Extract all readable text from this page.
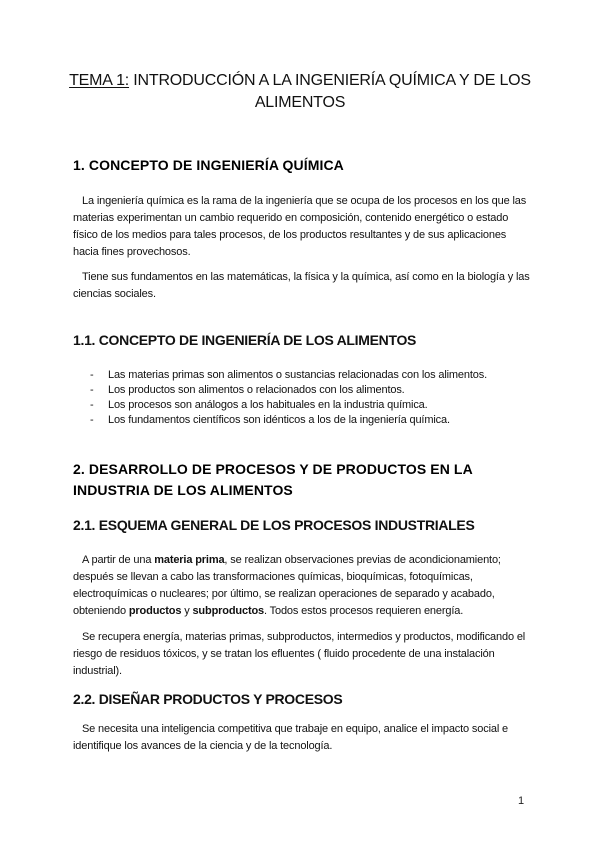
TEMA 1: INTRODUCCIÓN A LA INGENIERÍA QUÍMICA Y DE LOS ALIMENTOS
1. CONCEPTO DE INGENIERÍA QUÍMICA
La ingeniería química es la rama de la ingeniería que se ocupa de los procesos en los que las materias experimentan un cambio requerido en composición, contenido energético o estado físico de los medios para tales procesos, de los productos resultantes y de sus aplicaciones hacia fines provechosos.
Tiene sus fundamentos en las matemáticas, la física y la química, así como en la biología y las ciencias sociales.
1.1. CONCEPTO DE INGENIERÍA DE LOS ALIMENTOS
- Las materias primas son alimentos o sustancias relacionadas con los alimentos.
- Los productos son alimentos o relacionados con los alimentos.
- Los procesos son análogos a los habituales en la industria química.
- Los fundamentos científicos son idénticos a los de la ingeniería química.
2. DESARROLLO DE PROCESOS Y DE PRODUCTOS EN LA INDUSTRIA DE LOS ALIMENTOS
2.1. ESQUEMA GENERAL DE LOS PROCESOS INDUSTRIALES
A partir de una materia prima, se realizan observaciones previas de acondicionamiento; después se llevan a cabo las transformaciones químicas, bioquímicas, fotoquímicas, electroquímicas o nucleares; por último, se realizan operaciones de separado y acabado, obteniendo productos y subproductos. Todos estos procesos requieren energía.
Se recupera energía, materias primas, subproductos, intermedios y productos, modificando el riesgo de residuos tóxicos, y se tratan los efluentes ( fluido procedente de una instalación industrial).
2.2. DISEÑAR PRODUCTOS Y PROCESOS
Se necesita una inteligencia competitiva que trabaje en equipo, analice el impacto social e identifique los avances de la ciencia y de la tecnología.
1
